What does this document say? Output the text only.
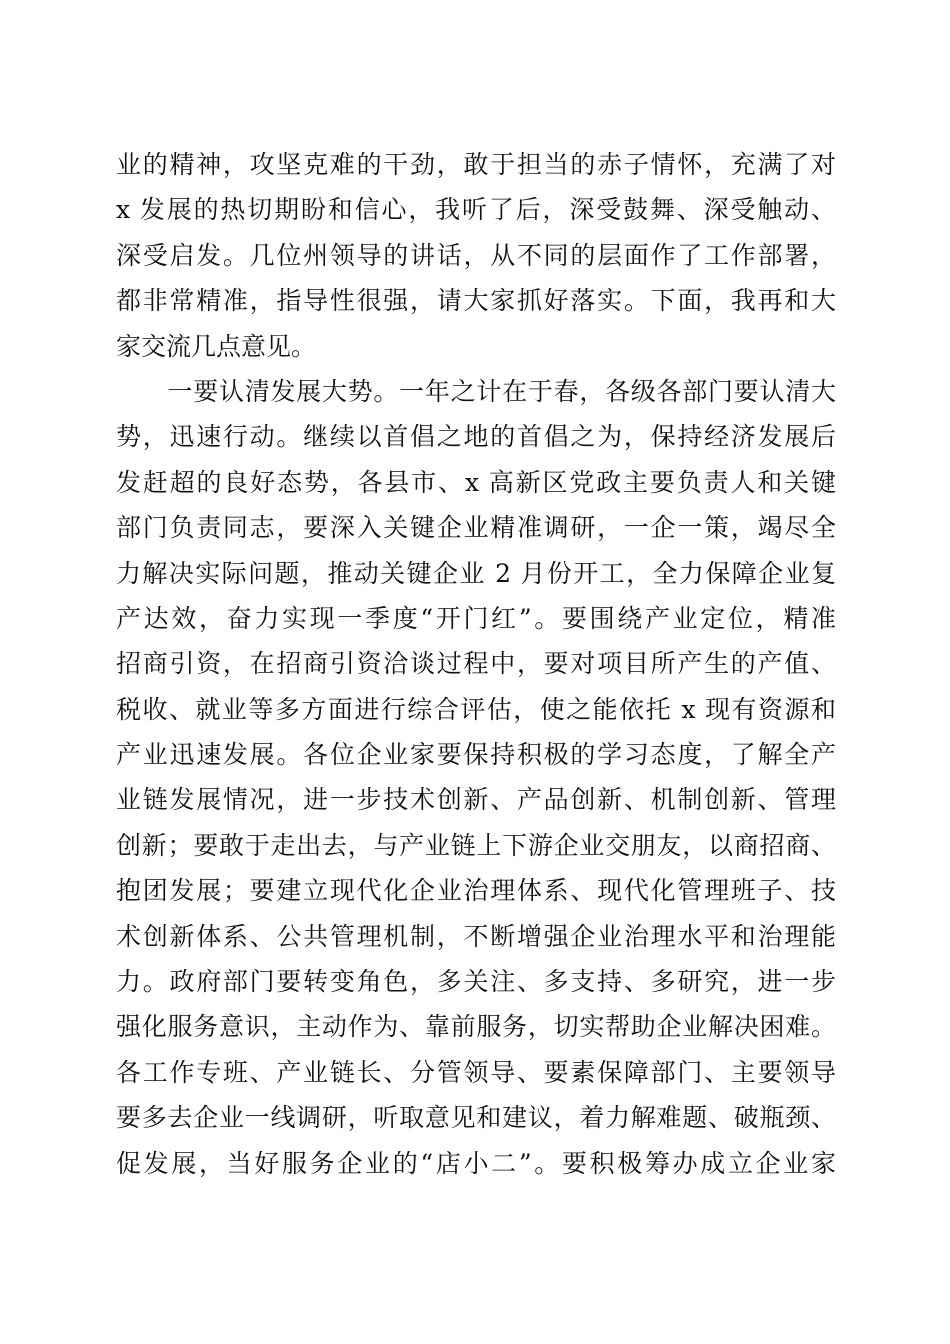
业的精神，攻坚克难的干劲，敢于担当的赤子情怀，充满了对
x 发展的热切期盼和信心，我听了后，深受鼓舞、深受触动、
深受启发。几位州领导的讲话，从不同的层面作了工作部署，
都非常精准，指导性很强，请大家抓好落实。下面，我再和大
家交流几点意见。
　　一要认清发展大势。一年之计在于春，各级各部门要认清大
势，迅速行动。继续以首倡之地的首倡之为，保持经济发展后
发赶超的良好态势，各县市、x 高新区党政主要负责人和关键
部门负责同志，要深入关键企业精准调研，一企一策，竭尽全
力解决实际问题，推动关键企业 2 月份开工，全力保障企业复
产达效，奋力实现一季度“开门红”。要围绕产业定位，精准
招商引资，在招商引资洽谈过程中，要对项目所产生的产值、
税收、就业等多方面进行综合评估，使之能依托 x 现有资源和
产业迅速发展。各位企业家要保持积极的学习态度，了解全产
业链发展情况，进一步技术创新、产品创新、机制创新、管理
创新；要敢于走出去，与产业链上下游企业交朋友，以商招商、
抱团发展；要建立现代化企业治理体系、现代化管理班子、技
术创新体系、公共管理机制，不断增强企业治理水平和治理能
力。政府部门要转变角色，多关注、多支持、多研究，进一步
强化服务意识，主动作为、靠前服务，切实帮助企业解决困难。
各工作专班、产业链长、分管领导、要素保障部门、主要领导
要多去企业一线调研，听取意见和建议，着力解难题、破瓶颈、
促发展，当好服务企业的“店小二”。要积极筹办成立企业家
